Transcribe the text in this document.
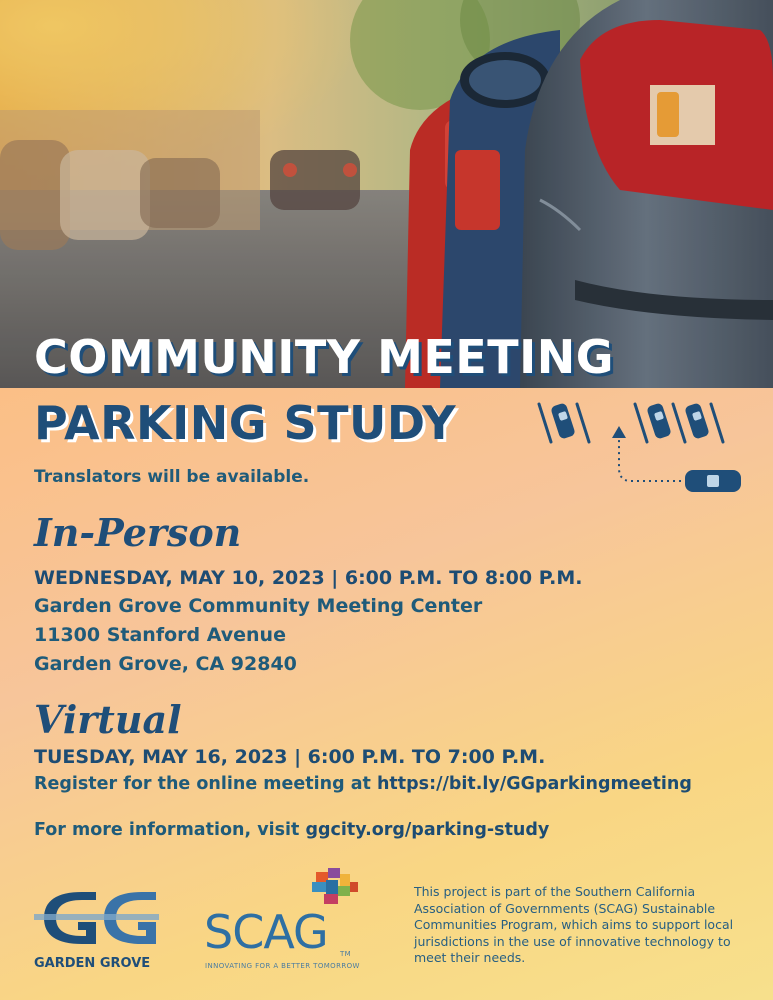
COMMUNITY MEETING
PARKING STUDY

Translators will be available.

In-Person

WEDNESDAY, MAY 10, 2023 | 6:00 P.M. TO 8:00 P.M.

Garden Grove Community Meeting Center

11300 Stanford Avenue

Garden Grove, CA 92840

Virtual

TUESDAY, MAY 16, 2023 | 6:00 P.M. TO 7:00 P.M.

Register for the online meeting at https://bit.ly/GGparkingmeeting

For more information, visit ggcity.org/parking-study

GARDEN GROVE

SCAG

INNOVATING FOR A BETTER TOMORROW

TM

This project is part of the Southern California Association of Governments (SCAG) Sustainable Communities Program, which aims to support local jurisdictions in the use of innovative technology to meet their needs.
